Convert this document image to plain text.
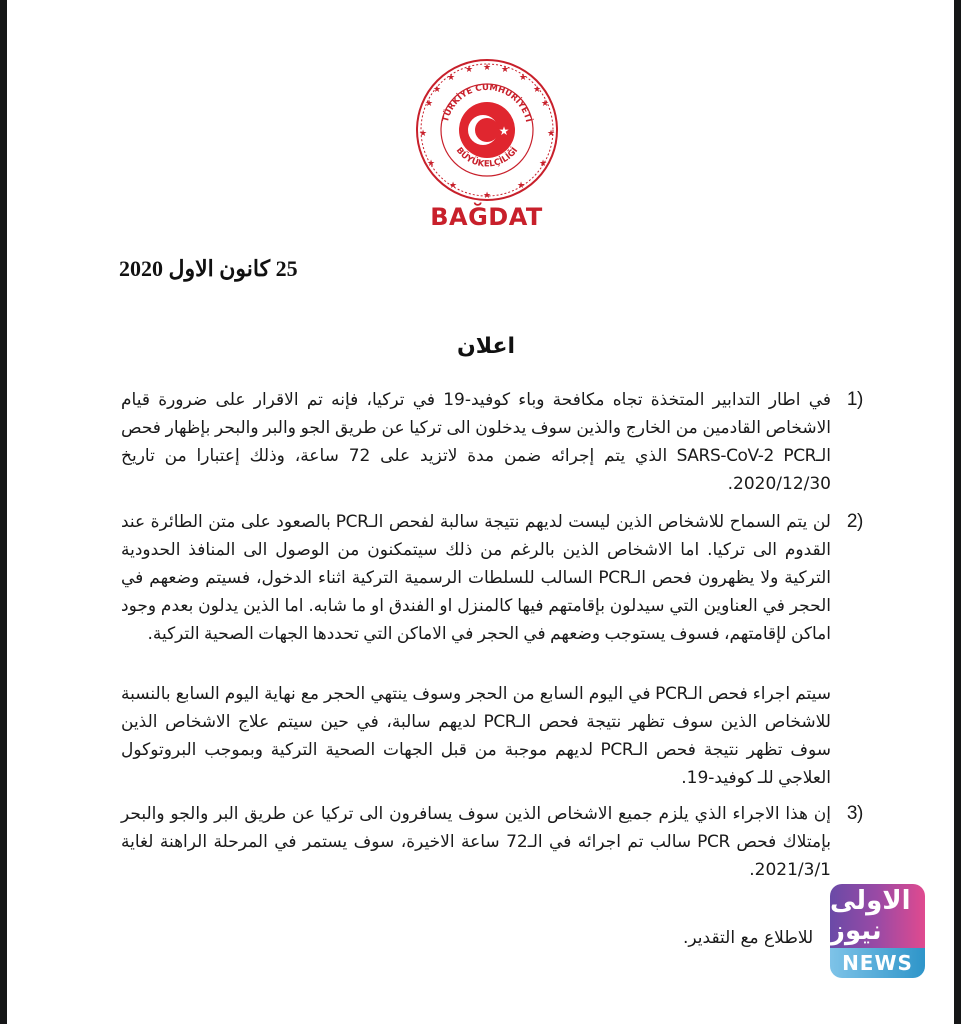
★
★
★
★
★
★
★
★
★
★
★
★
★	★
★
★
★
TÜRKİYE CUMHURİYETİ
BÜYÜKELÇİLİĞİ
BAĞDAT
25 كانون الاول 2020
اعلان
1)
في اطار التدابير المتخذة تجاه مكافحة وباء كوفيد-19 في تركيا، فإنه تم الاقرار على ضرورة قيام الاشخاص القادمين من الخارج والذين سوف يدخلون الى تركيا عن طريق الجو والبر والبحر بإظهار فحص الـSARS-CoV-2 PCR الذي يتم إجرائه ضمن مدة لاتزيد على 72 ساعة، وذلك إعتبارا من تاريخ 2020/12/30.
2)
لن يتم السماح للاشخاص الذين ليست لديهم نتيجة سالبة لفحص الـPCR بالصعود على متن الطائرة عند القدوم الى تركيا. اما الاشخاص الذين بالرغم من ذلك سيتمكنون من الوصول الى المنافذ الحدودية التركية ولا يظهرون فحص الـPCR السالب للسلطات الرسمية التركية اثناء الدخول، فسيتم وضعهم في الحجر في العناوين التي سيدلون بإقامتهم فيها كالمنزل او الفندق او ما شابه. اما الذين يدلون بعدم وجود اماكن لإقامتهم، فسوف يستوجب وضعهم في الحجر في الاماكن التي تحددها الجهات الصحية التركية.
سيتم اجراء فحص الـPCR في اليوم السابع من الحجر وسوف ينتهي الحجر مع نهاية اليوم السابع بالنسبة للاشخاص الذين سوف تظهر نتيجة فحص الـPCR لديهم سالبة، في حين سيتم علاج الاشخاص الذين سوف تظهر نتيجة فحص الـPCR لديهم موجبة من قبل الجهات الصحية التركية وبموجب البروتوكول العلاجي للـ كوفيد-19.
3)
إن هذا الاجراء الذي يلزم جميع الاشخاص الذين سوف يسافرون الى تركيا عن طريق البر والجو والبحر بإمتلاك فحص PCR سالب تم اجرائه في الـ72 ساعة الاخيرة، سوف يستمر في المرحلة الراهنة لغاية 2021/3/1.
للاطلاع مع التقدير.
الاولى نيوز
NEWS
